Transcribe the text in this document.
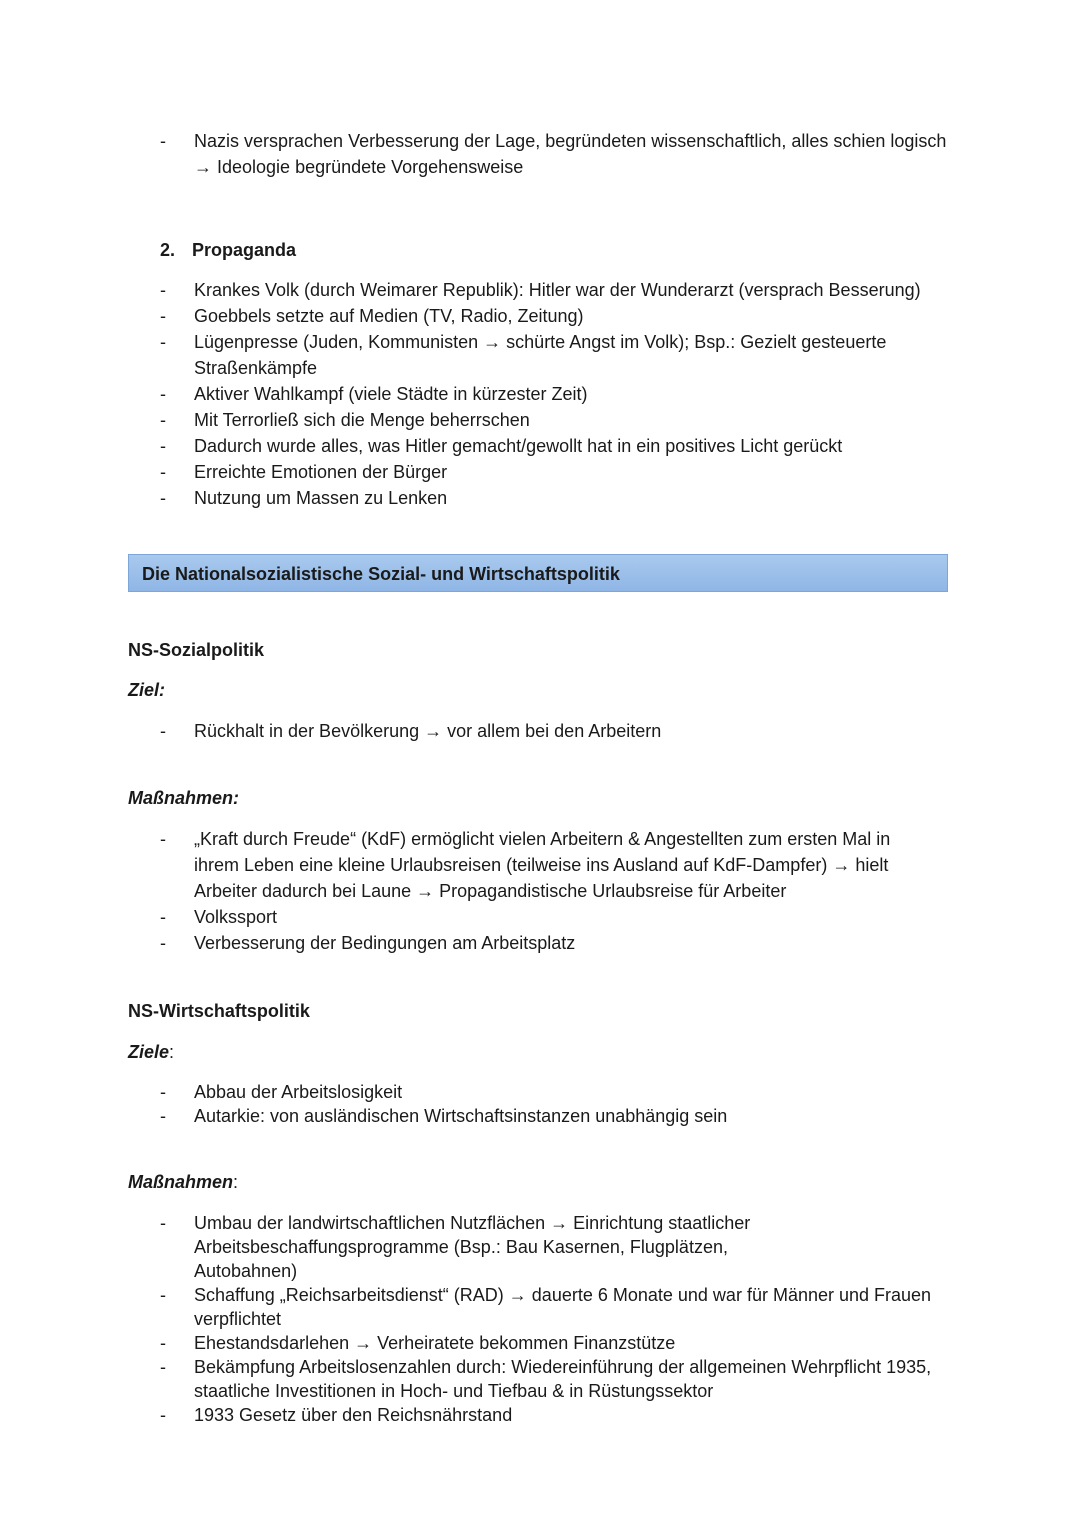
- Nazis versprachen Verbesserung der Lage, begründeten wissenschaftlich, alles schien logisch
→ Ideologie begründete Vorgehensweise
2. Propaganda
- Krankes Volk (durch Weimarer Republik): Hitler war der Wunderarzt (versprach Besserung)
- Goebbels setzte auf Medien (TV, Radio, Zeitung)
- Lügenpresse (Juden, Kommunisten → schürte Angst im Volk); Bsp.: Gezielt gesteuerte Straßenkämpfe
- Aktiver Wahlkampf (viele Städte in kürzester Zeit)
- Mit Terrorließ sich die Menge beherrschen
- Dadurch wurde alles, was Hitler gemacht/gewollt hat in ein positives Licht gerückt
- Erreichte Emotionen der Bürger
- Nutzung um Massen zu Lenken
Die Nationalsozialistische Sozial- und Wirtschaftspolitik
NS-Sozialpolitik
Ziel:
- Rückhalt in der Bevölkerung → vor allem bei den Arbeitern
Maßnahmen:
- „Kraft durch Freude“ (KdF) ermöglicht vielen Arbeitern & Angestellten zum ersten Mal in ihrem Leben eine kleine Urlaubsreisen (teilweise ins Ausland auf KdF-Dampfer) → hielt Arbeiter dadurch bei Laune → Propagandistische Urlaubsreise für Arbeiter
- Volkssport
- Verbesserung der Bedingungen am Arbeitsplatz
NS-Wirtschaftspolitik
Ziele:
- Abbau der Arbeitslosigkeit
- Autarkie: von ausländischen Wirtschaftsinstanzen unabhängig sein
Maßnahmen:
- Umbau der landwirtschaftlichen Nutzflächen → Einrichtung staatlicher Arbeitsbeschaffungsprogramme (Bsp.: Bau Kasernen, Flugplätzen, Autobahnen)
- Schaffung „Reichsarbeitsdienst“ (RAD) → dauerte 6 Monate und war für Männer und Frauen verpflichtet
- Ehestandsdarlehen → Verheiratete bekommen Finanzstütze
- Bekämpfung Arbeitslosenzahlen durch: Wiedereinführung der allgemeinen Wehrpflicht 1935, staatliche Investitionen in Hoch- und Tiefbau & in Rüstungssektor
- 1933 Gesetz über den Reichsnährstand
